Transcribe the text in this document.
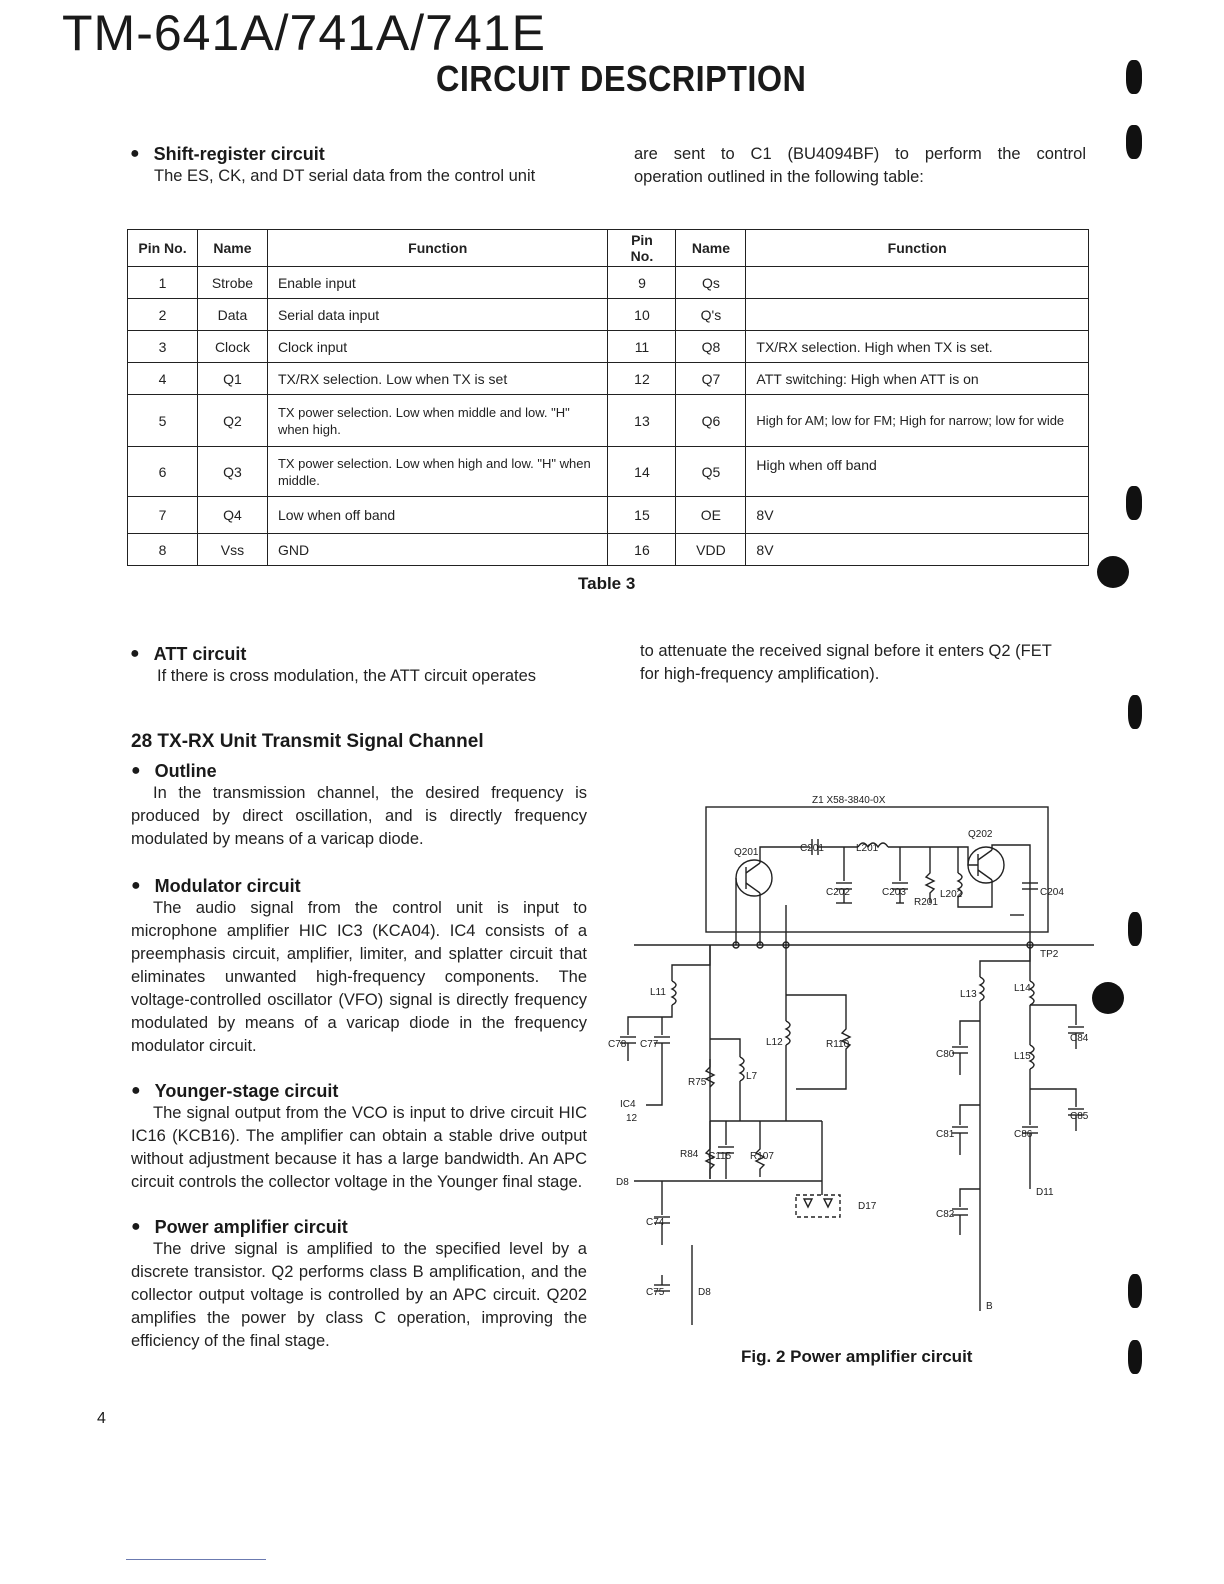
TM-641A/741A/741E
CIRCUIT DESCRIPTION
● Shift-register circuit
The ES, CK, and DT serial data from the control unit
are sent to C1 (BU4094BF) to perform the control
operation outlined in the following table:
Pin No.	Name	Function	Pin No.	Name	Function
1	Strobe	Enable input	9	Qs	
2	Data	Serial data input	10	Q's	
3	Clock	Clock input	11	Q8	TX/RX selection. High when TX is set.
4	Q1	TX/RX selection. Low when TX is set	12	Q7	ATT switching: High when ATT is on
5	Q2	TX power selection. Low when middle and low. "H" when high.	13	Q6	High for AM; low for FM; High for narrow; low for wide
6	Q3	TX power selection. Low when high and low. "H" when middle.	14	Q5	High when off band
7	Q4	Low when off band	15	OE	8V
8	Vss	GND	16	VDD	8V
Table 3
● ATT circuit
If there is cross modulation, the ATT circuit operates
to attenuate the received signal before it enters Q2 (FET
for high-frequency amplification).
28 TX-RX Unit Transmit Signal Channel
● Outline

In the transmission channel, the desired frequency is produced by direct oscillation, and is directly frequency modulated by means of a varicap diode.

● Modulator circuit

The audio signal from the control unit is input to microphone amplifier HIC IC3 (KCA04). IC4 consists of a preemphasis circuit, amplifier, limiter, and splatter circuit that eliminates unwanted high-frequency components. The voltage-controlled oscillator (VFO) signal is directly frequency modulated by means of a varicap diode in the frequency modulator circuit.

● Younger-stage circuit

The signal output from the VCO is input to drive circuit HIC IC16 (KCB16). The amplifier can obtain a stable drive output without adjustment because it has a large bandwidth. An APC circuit controls the collector voltage in the Younger final stage.

● Power amplifier circuit

The drive signal is amplified to the specified level by a discrete transistor. Q2 performs class B amplification, and the collector output voltage is controlled by an APC circuit. Q202 amplifies the power by class C operation, improving the efficiency of the final stage.

Z1 X58-3840-0X
Q201
Q202
C201	L201
C202	C203
R201
L202	C204
TP2
L11
C78 C77	L12	R110
R75
L7
IC4
12
R84 C115 R107
D8
D17
C74
C75	D8
L13
L14
C80	L15
C84
C81	C86
C85
D11
C82
B
Fig. 2 Power amplifier circuit
4
